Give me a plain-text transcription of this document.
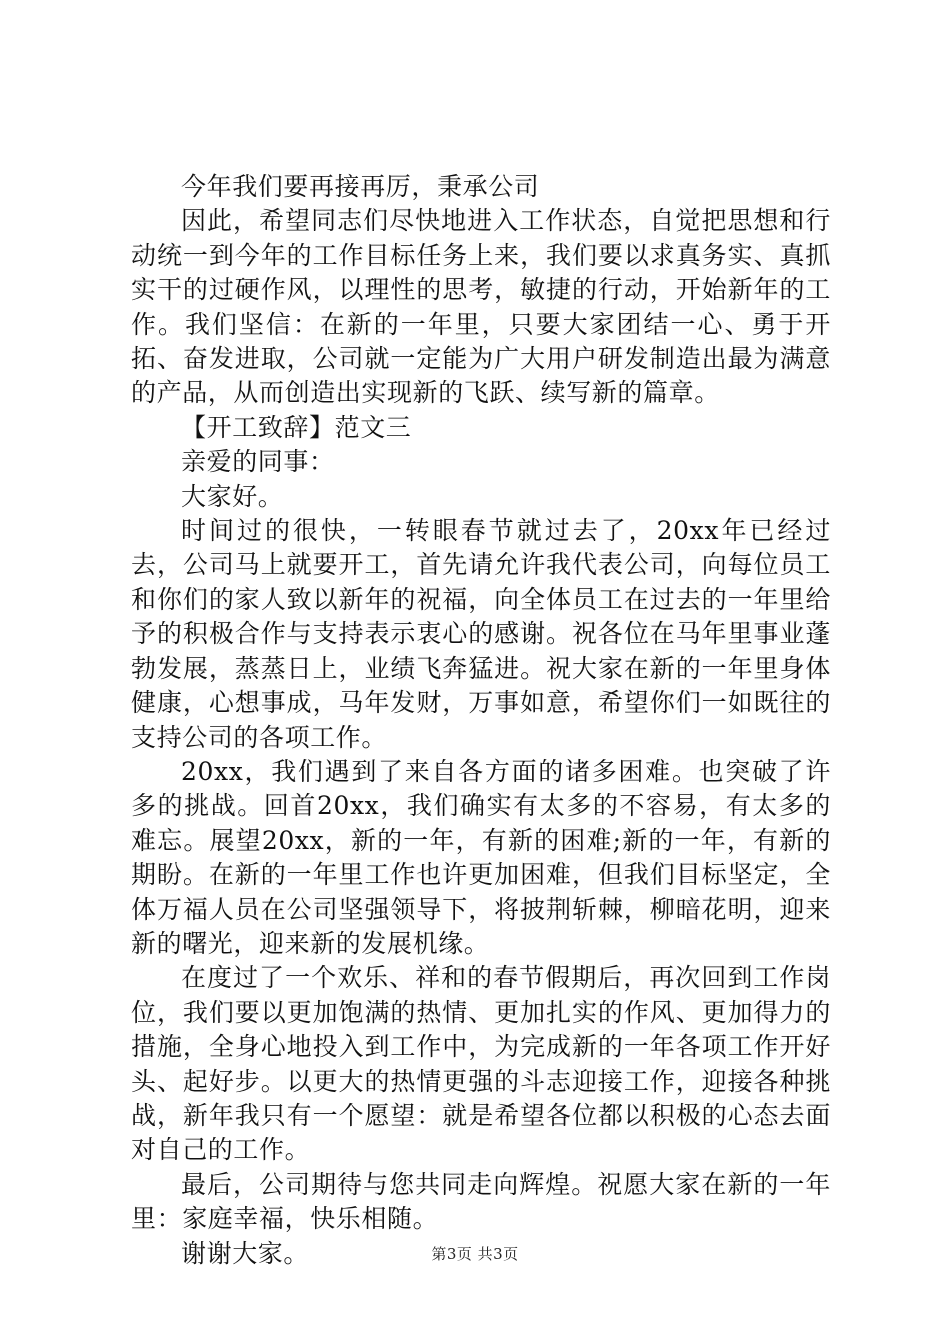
今年我们要再接再厉，秉承公司

因此，希望同志们尽快地进入工作状态，自觉把思想和行动统一到今年的工作目标任务上来，我们要以求真务实、真抓实干的过硬作风，以理性的思考，敏捷的行动，开始新年的工作。我们坚信：在新的一年里，只要大家团结一心、勇于开拓、奋发进取，公司就一定能为广大用户研发制造出最为满意的产品，从而创造出实现新的飞跃、续写新的篇章。

【开工致辞】范文三

亲爱的同事：

大家好。

时间过的很快，一转眼春节就过去了，20xx年已经过去，公司马上就要开工，首先请允许我代表公司，向每位员工和你们的家人致以新年的祝福，向全体员工在过去的一年里给予的积极合作与支持表示衷心的感谢。祝各位在马年里事业蓬勃发展，蒸蒸日上，业绩飞奔猛进。祝大家在新的一年里身体健康，心想事成，马年发财，万事如意，希望你们一如既往的支持公司的各项工作。

20xx，我们遇到了来自各方面的诸多困难。也突破了许多的挑战。回首20xx，我们确实有太多的不容易，有太多的难忘。展望20xx，新的一年，有新的困难;新的一年，有新的期盼。在新的一年里工作也许更加困难，但我们目标坚定，全体万福人员在公司坚强领导下，将披荆斩棘，柳暗花明，迎来新的曙光，迎来新的发展机缘。

在度过了一个欢乐、祥和的春节假期后，再次回到工作岗位，我们要以更加饱满的热情、更加扎实的作风、更加得力的措施，全身心地投入到工作中，为完成新的一年各项工作开好头、起好步。以更大的热情更强的斗志迎接工作，迎接各种挑战，新年我只有一个愿望：就是希望各位都以积极的心态去面对自己的工作。

最后，公司期待与您共同走向辉煌。祝愿大家在新的一年里：家庭幸福，快乐相随。

谢谢大家。	第3页 共3页
